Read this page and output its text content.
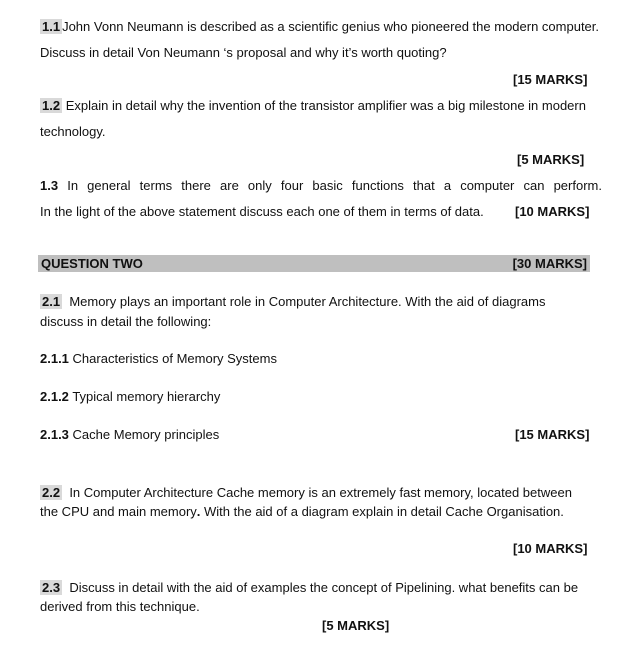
1.1 John Vonn Neumann is described as a scientific genius who pioneered the modern computer.
Discuss in detail Von Neumann ‘s proposal and why it’s worth quoting?
[15 MARKS]
1.2 Explain in detail why the invention of the transistor amplifier was a big milestone in modern
technology.
[5 MARKS]
1.3 In general terms there are only four basic functions that a computer can perform.
In the light of the above statement discuss each one of them in terms of data. [10 MARKS]
QUESTION TWO	[30 MARKS]
2.1 Memory plays an important role in Computer Architecture. With the aid of diagrams
discuss in detail the following:
2.1.1 Characteristics of Memory Systems
2.1.2 Typical memory hierarchy
2.1.3 Cache Memory principles	[15 MARKS]
2.2 In Computer Architecture Cache memory is an extremely fast memory, located between
the CPU and main memory. With the aid of a diagram explain in detail Cache Organisation.
[10 MARKS]
2.3 Discuss in detail with the aid of examples the concept of Pipelining. what benefits can be
derived from this technique.
[5 MARKS]
